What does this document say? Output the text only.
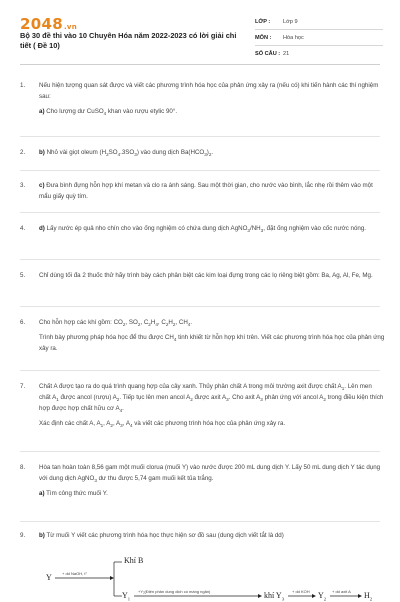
2048.vn
Bộ 30 đề thi vào 10 Chuyên Hóa năm 2022-2023 có lời giải chi tiết ( Đề 10)
LỚP :	Lớp 9
MÔN :	Hóa học
SỐ CÂU : 21
1.	Nếu hiện tượng quan sát được và viết các phương trình hóa học của phản ứng xảy ra (nếu có) khi tiến hành các thí nghiệm sau:

a) Cho lượng dư CuSO$_4$ khan vào rượu etylic 90°.

2.	b) Nhỏ vài giọt oleum $(H_2SO_4.3SO_3)$ vào dung dịch $Ba(HCO_3)_2$.

3.	c) Đưa bình đựng hỗn hợp khí metan và clo ra ánh sáng. Sau một thời gian, cho nước vào bình, lắc nhẹ rồi thêm vào một mẩu giấy quỳ tím.

4.	d) Lấy nước ép quả nho chín cho vào ống nghiệm có chứa dung dịch $AgNO_3/NH_3$, đặt ống nghiệm vào cốc nước nóng.

5.	Chỉ dùng tối đa 2 thuốc thử hãy trình bày cách phân biệt các kim loại đựng trong các lọ riêng biệt gồm: Ba, Ag, Al, Fe, Mg.

6.	Cho hỗn hợp các khí gồm: $CO_2$, $SO_2$, $C_2H_4$, $C_2H_2$, $CH_4$.

Trình bày phương pháp hóa học để thu được $CH_4$ tinh khiết từ hỗn hợp khí trên. Viết các phương trình hóa học của phản ứng xảy ra.

7.	Chất A được tạo ra do quá trình quang hợp của cây xanh. Thủy phân chất A trong môi trường axit được chất $A_1$. Lên men chất $A_1$ được ancol (rượu) $A_2$. Tiếp tục lên men ancol $A_2$ được axit $A_3$. Cho axit $A_3$ phản ứng với ancol $A_2$ trong điều kiện thích hợp được hợp chất hữu cơ $A_4$.

Xác định các chất A, $A_1$, $A_2$, $A_3$, $A_4$ và viết các phương trình hóa học của phản ứng xảy ra.

8.	Hòa tan hoàn toàn 8,56 gam một muối clorua (muối Y) vào nước được 200 mL dung dịch Y. Lấy 50 mL dung dịch Y tác dụng với dung dịch AgNO$_3$ dư thu được 5,74 gam muối kết tủa trắng.

a) Tìm công thức muối Y.

9.	b) Từ muối Y viết các phương trình hóa học thực hiện sơ đồ sau (dung dịch viết tắt là dd)

Khí B
Y	+ dd NaOH, t°
$Y_1$
+Y₂(Điện phân dung dịch có màng ngăn)	khí $Y_3$
+ dd KOH $Y_2$
+ dd axit A $H_2$
